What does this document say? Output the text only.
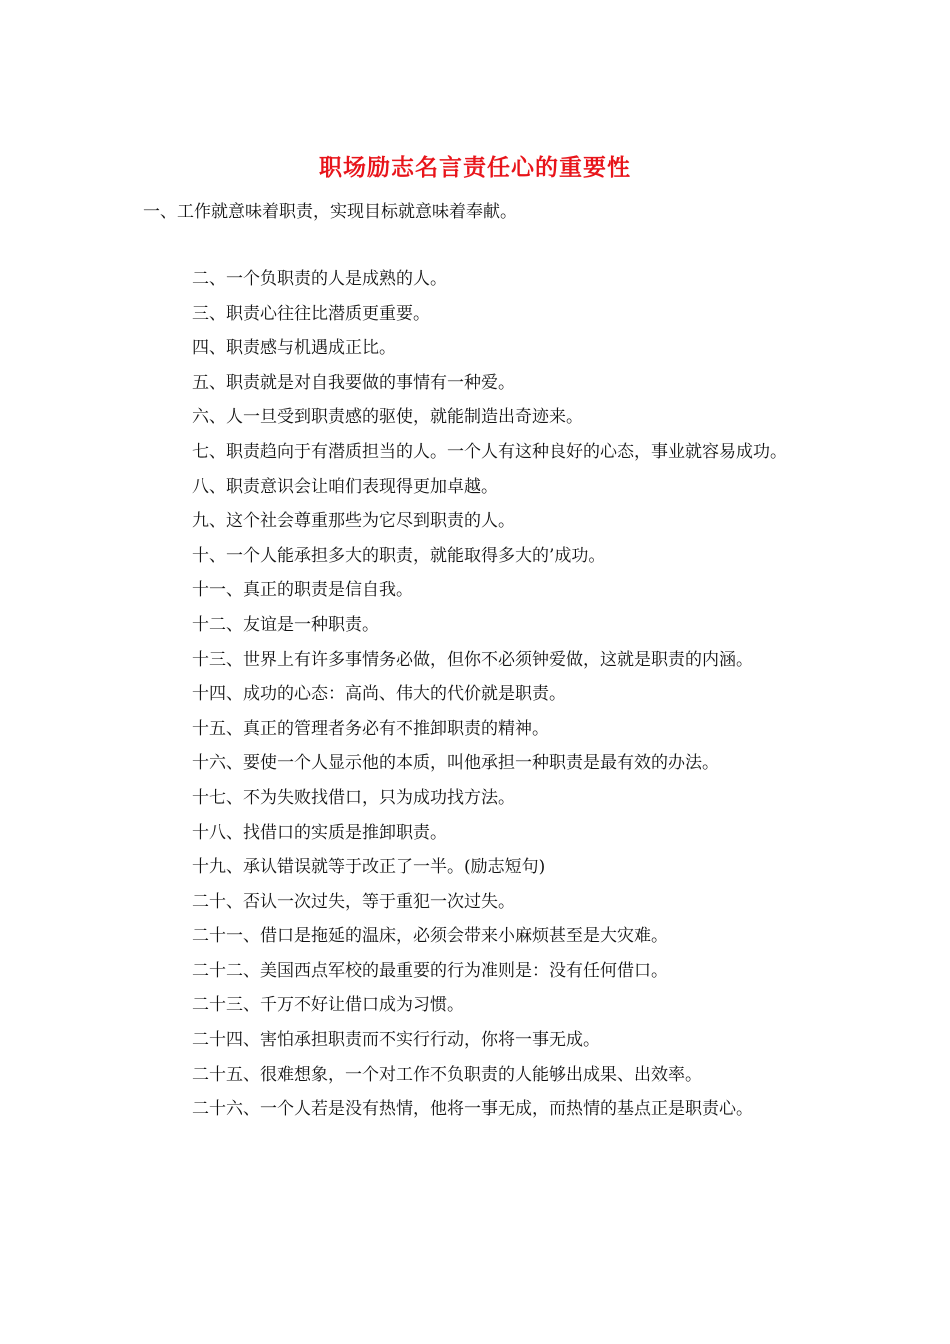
职场励志名言责任心的重要性
一、工作就意味着职责，实现目标就意味着奉献。

二、一个负职责的人是成熟的人。

三、职责心往往比潜质更重要。

四、职责感与机遇成正比。

五、职责就是对自我要做的事情有一种爱。

六、人一旦受到职责感的驱使，就能制造出奇迹来。

七、职责趋向于有潜质担当的人。一个人有这种良好的心态，事业就容易成功。

八、职责意识会让咱们表现得更加卓越。

九、这个社会尊重那些为它尽到职责的人。

十、一个人能承担多大的职责，就能取得多大的’成功。

十一、真正的职责是信自我。

十二、友谊是一种职责。

十三、世界上有许多事情务必做，但你不必须钟爱做，这就是职责的内涵。

十四、成功的心态：高尚、伟大的代价就是职责。

十五、真正的管理者务必有不推卸职责的精神。

十六、要使一个人显示他的本质，叫他承担一种职责是最有效的办法。

十七、不为失败找借口，只为成功找方法。

十八、找借口的实质是推卸职责。

十九、承认错误就等于改正了一半。(励志短句)

二十、否认一次过失，等于重犯一次过失。

二十一、借口是拖延的温床，必须会带来小麻烦甚至是大灾难。

二十二、美国西点军校的最重要的行为准则是：没有任何借口。

二十三、千万不好让借口成为习惯。

二十四、害怕承担职责而不实行行动，你将一事无成。

二十五、很难想象，一个对工作不负职责的人能够出成果、出效率。

二十六、一个人若是没有热情，他将一事无成，而热情的基点正是职责心。
